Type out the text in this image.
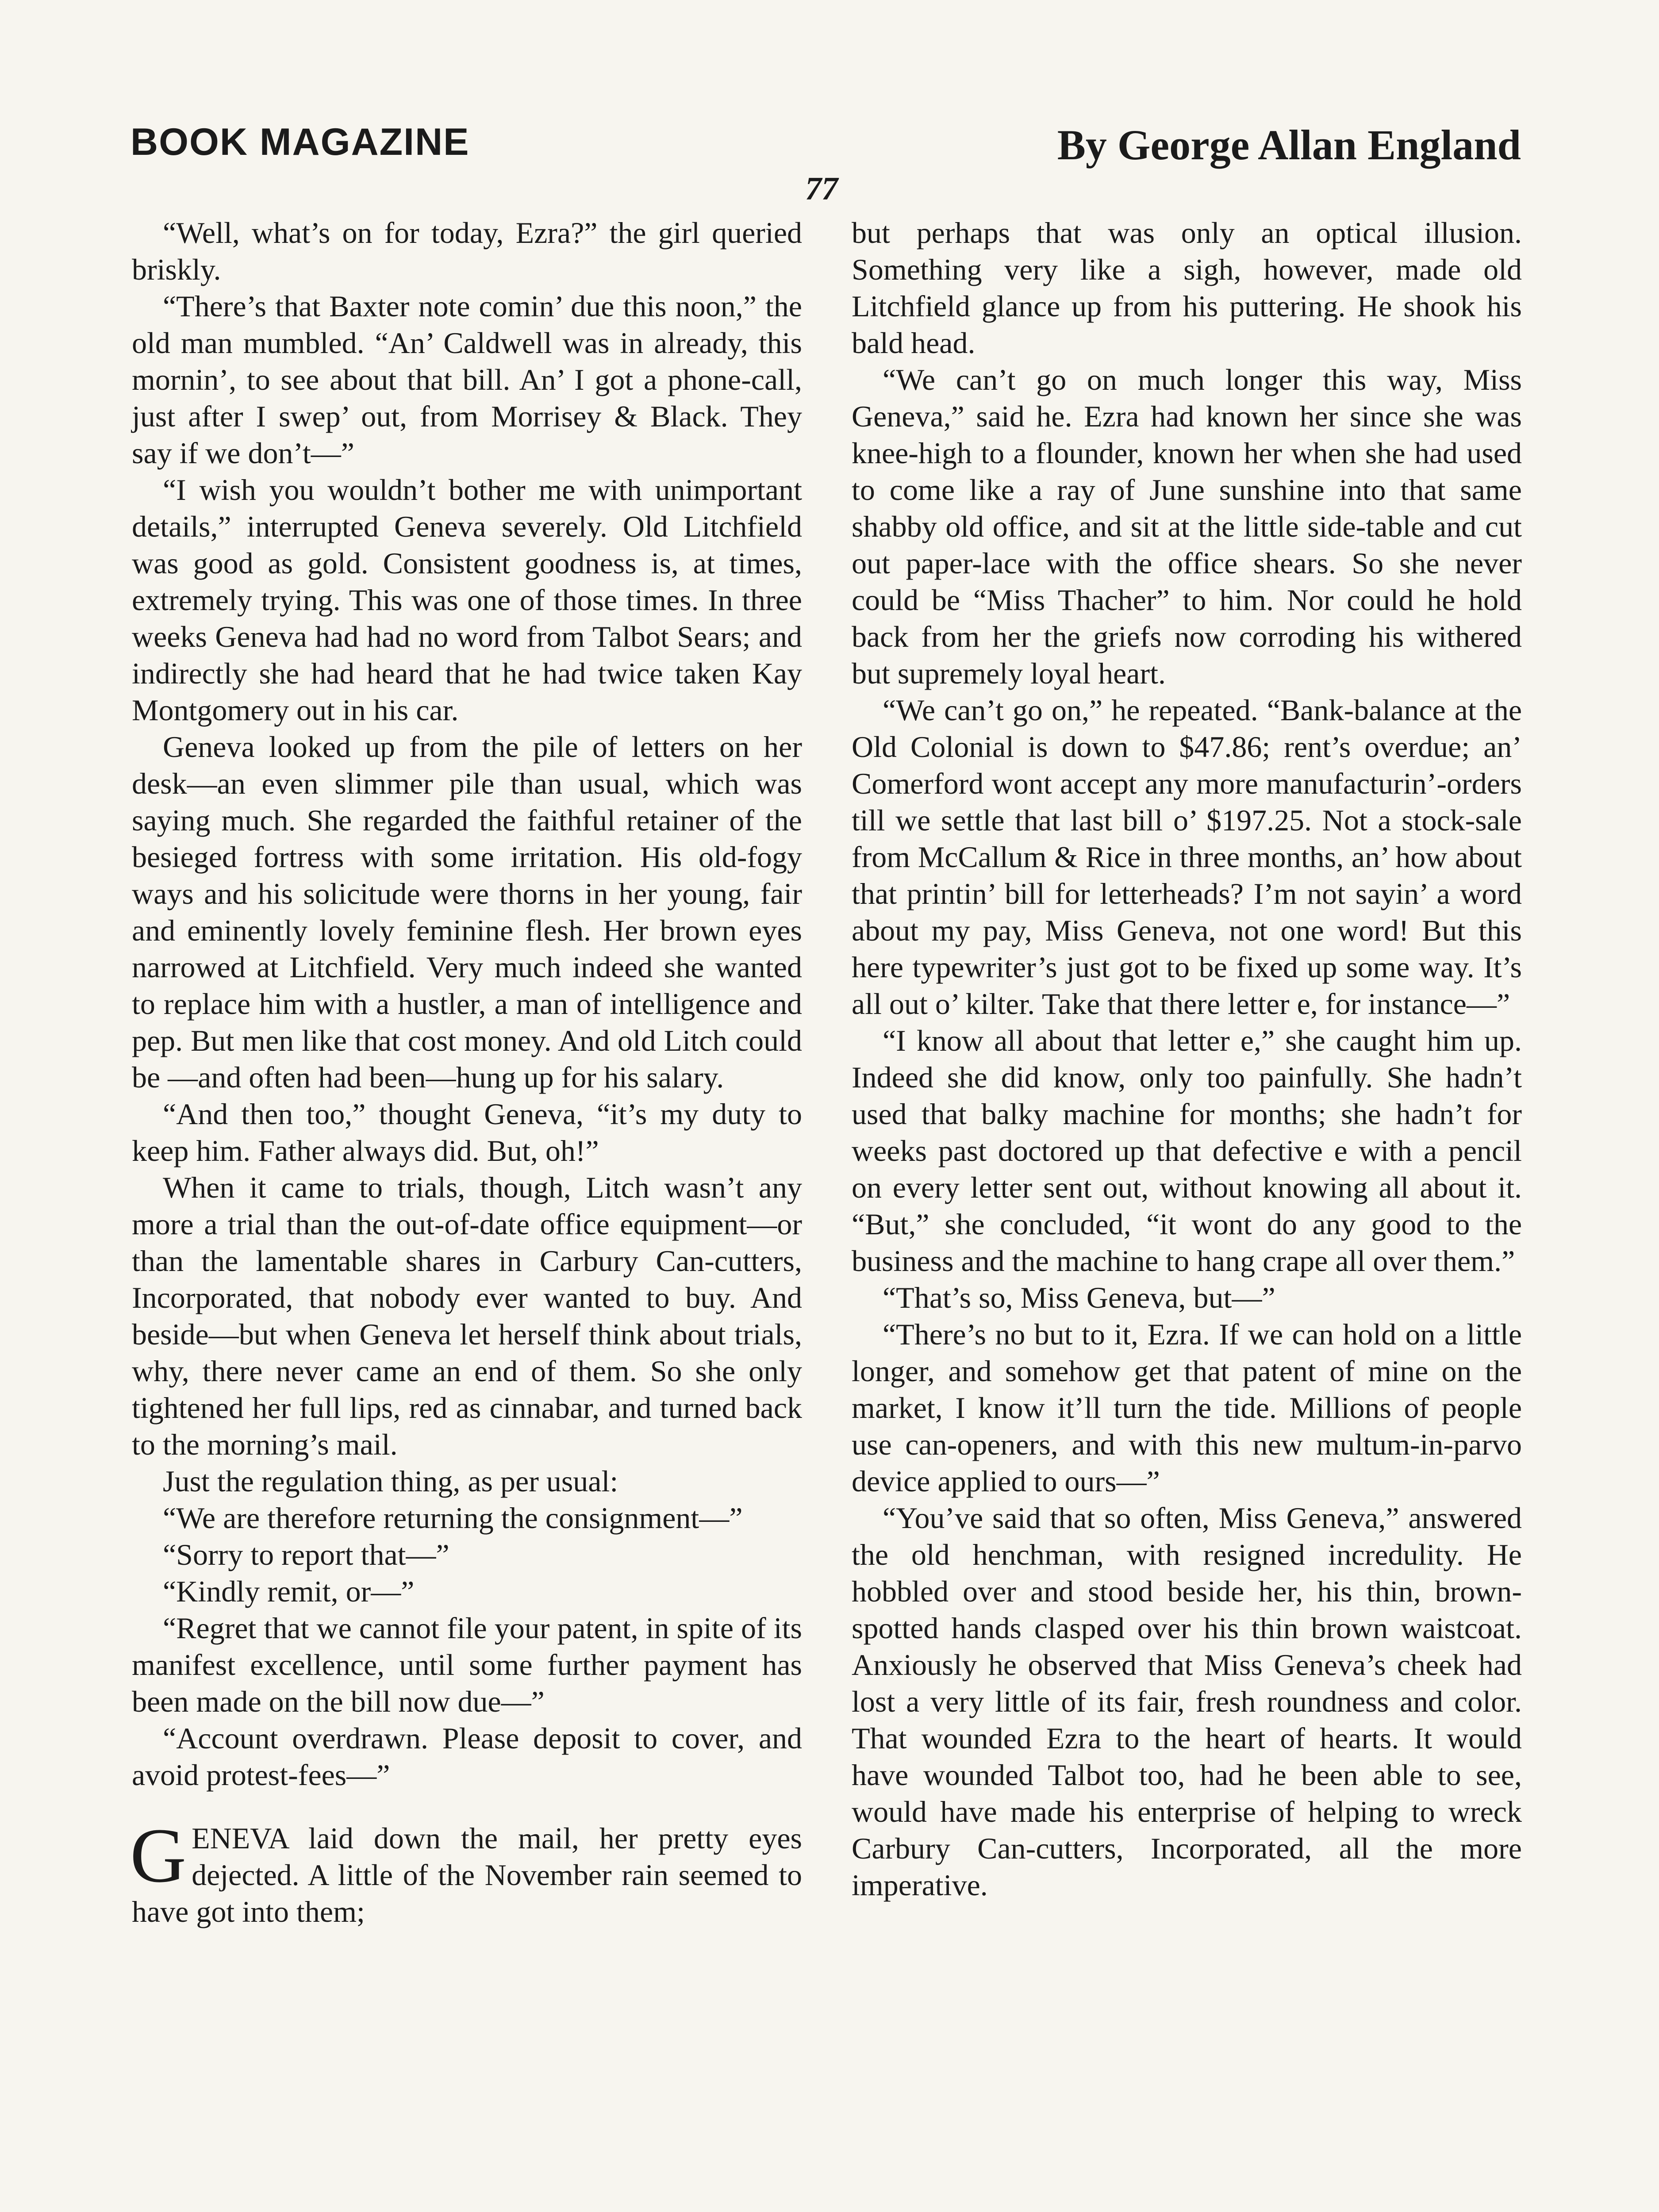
BOOK MAGAZINE	By George Allan England
77

“Well, what’s on for today, Ezra?” the girl queried briskly.

“There’s that Baxter note comin’ due this noon,” the old man mumbled. “An’ Caldwell was in already, this mornin’, to see about that bill. An’ I got a phone-call, just after I swep’ out, from Morrisey & Black. They say if we don’t—”

“I wish you wouldn’t bother me with unimportant details,” interrupted Geneva severely. Old Litchfield was good as gold. Consistent goodness is, at times, extremely trying. This was one of those times. In three weeks Geneva had had no word from Talbot Sears; and indirectly she had heard that he had twice taken Kay Montgomery out in his car.

Geneva looked up from the pile of letters on her desk—an even slimmer pile than usual, which was saying much. She regarded the faithful retainer of the besieged fortress with some irritation. His old-fogy ways and his solicitude were thorns in her young, fair and eminently lovely feminine flesh. Her brown eyes narrowed at Litchfield. Very much indeed she wanted to replace him with a hustler, a man of intelligence and pep. But men like that cost money. And old Litch could be —and often had been—hung up for his salary.

“And then too,” thought Geneva, “it’s my duty to keep him. Father always did. But, oh!”

When it came to trials, though, Litch wasn’t any more a trial than the out-of-date office equipment—or than the lamentable shares in Carbury Can-cutters, Incorporated, that nobody ever wanted to buy. And beside—but when Geneva let herself think about trials, why, there never came an end of them. So she only tightened her full lips, red as cinnabar, and turned back to the morning’s mail.

Just the regulation thing, as per usual:

“We are therefore returning the consignment—”

“Sorry to report that—”

“Kindly remit, or—”

“Regret that we cannot file your patent, in spite of its manifest excellence, until some further payment has been made on the bill now due—”

“Account overdrawn. Please deposit to cover, and avoid protest-fees—”

GENEVA laid down the mail, her pretty eyes dejected. A little of the November rain seemed to have got into them;

but perhaps that was only an optical illusion. Something very like a sigh, however, made old Litchfield glance up from his puttering. He shook his bald head.

“We can’t go on much longer this way, Miss Geneva,” said he. Ezra had known her since she was knee-high to a flounder, known her when she had used to come like a ray of June sunshine into that same shabby old office, and sit at the little side-table and cut out paper-lace with the office shears. So she never could be “Miss Thacher” to him. Nor could he hold back from her the griefs now corroding his withered but supremely loyal heart.

“We can’t go on,” he repeated. “Bank-balance at the Old Colonial is down to $47.86; rent’s overdue; an’ Comerford wont accept any more manufacturin’-orders till we settle that last bill o’ $197.25. Not a stock-sale from McCallum & Rice in three months, an’ how about that printin’ bill for letterheads? I’m not sayin’ a word about my pay, Miss Geneva, not one word! But this here typewriter’s just got to be fixed up some way. It’s all out o’ kilter. Take that there letter e, for instance—”

“I know all about that letter e,” she caught him up. Indeed she did know, only too painfully. She hadn’t used that balky machine for months; she hadn’t for weeks past doctored up that defective e with a pencil on every letter sent out, without knowing all about it. “But,” she concluded, “it wont do any good to the business and the machine to hang crape all over them.”

“That’s so, Miss Geneva, but—”

“There’s no but to it, Ezra. If we can hold on a little longer, and somehow get that patent of mine on the market, I know it’ll turn the tide. Millions of people use can-openers, and with this new multum-in-parvo device applied to ours—”

“You’ve said that so often, Miss Geneva,” answered the old henchman, with resigned incredulity. He hobbled over and stood beside her, his thin, brown-spotted hands clasped over his thin brown waistcoat. Anxiously he observed that Miss Geneva’s cheek had lost a very little of its fair, fresh roundness and color. That wounded Ezra to the heart of hearts. It would have wounded Talbot too, had he been able to see, would have made his enterprise of helping to wreck Carbury Can-cutters, Incorporated, all the more imperative.
